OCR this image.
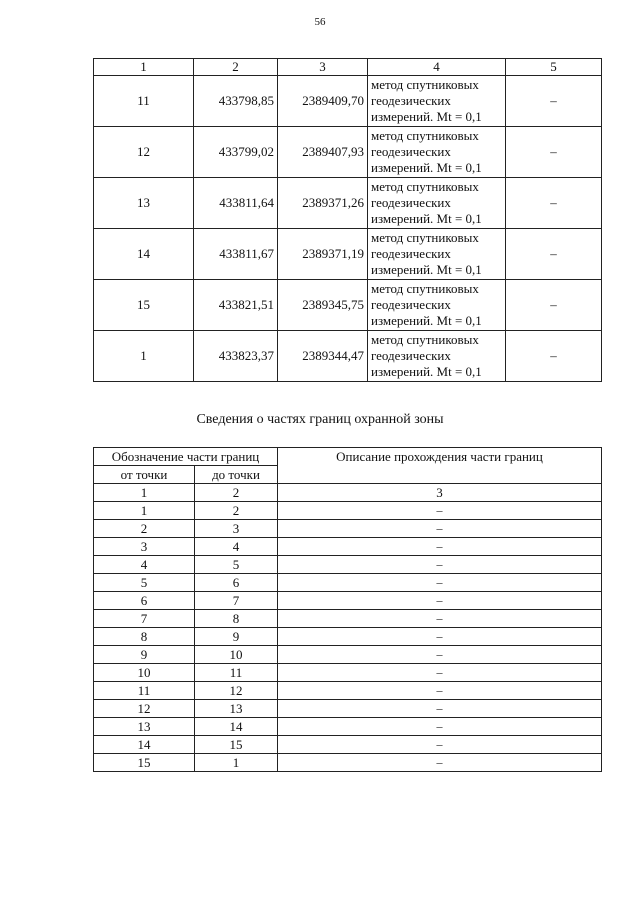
56
1	2	3	4	5
11	433798,85	2389409,70	метод спутниковых
геодезических
измерений. Mt = 0,1	–
12	433799,02	2389407,93	метод спутниковых
геодезических
измерений. Mt = 0,1	–
13	433811,64	2389371,26	метод спутниковых
геодезических
измерений. Mt = 0,1	–
14	433811,67	2389371,19	метод спутниковых
геодезических
измерений. Mt = 0,1	–
15	433821,51	2389345,75	метод спутниковых
геодезических
измерений. Mt = 0,1	–
1	433823,37	2389344,47	метод спутниковых
геодезических
измерений. Mt = 0,1	–
Сведения о частях границ охранной зоны
Обозначение части границ		Описание прохождения части границ
от точки	до точки	
1	2	3
1	2	–
2	3	–
3	4	–
4	5	–
5	6	–
6	7	–
7	8	–
8	9	–
9	10	–
10	11	–
11	12	–
12	13	–
13	14	–
14	15	–
15	1	–
